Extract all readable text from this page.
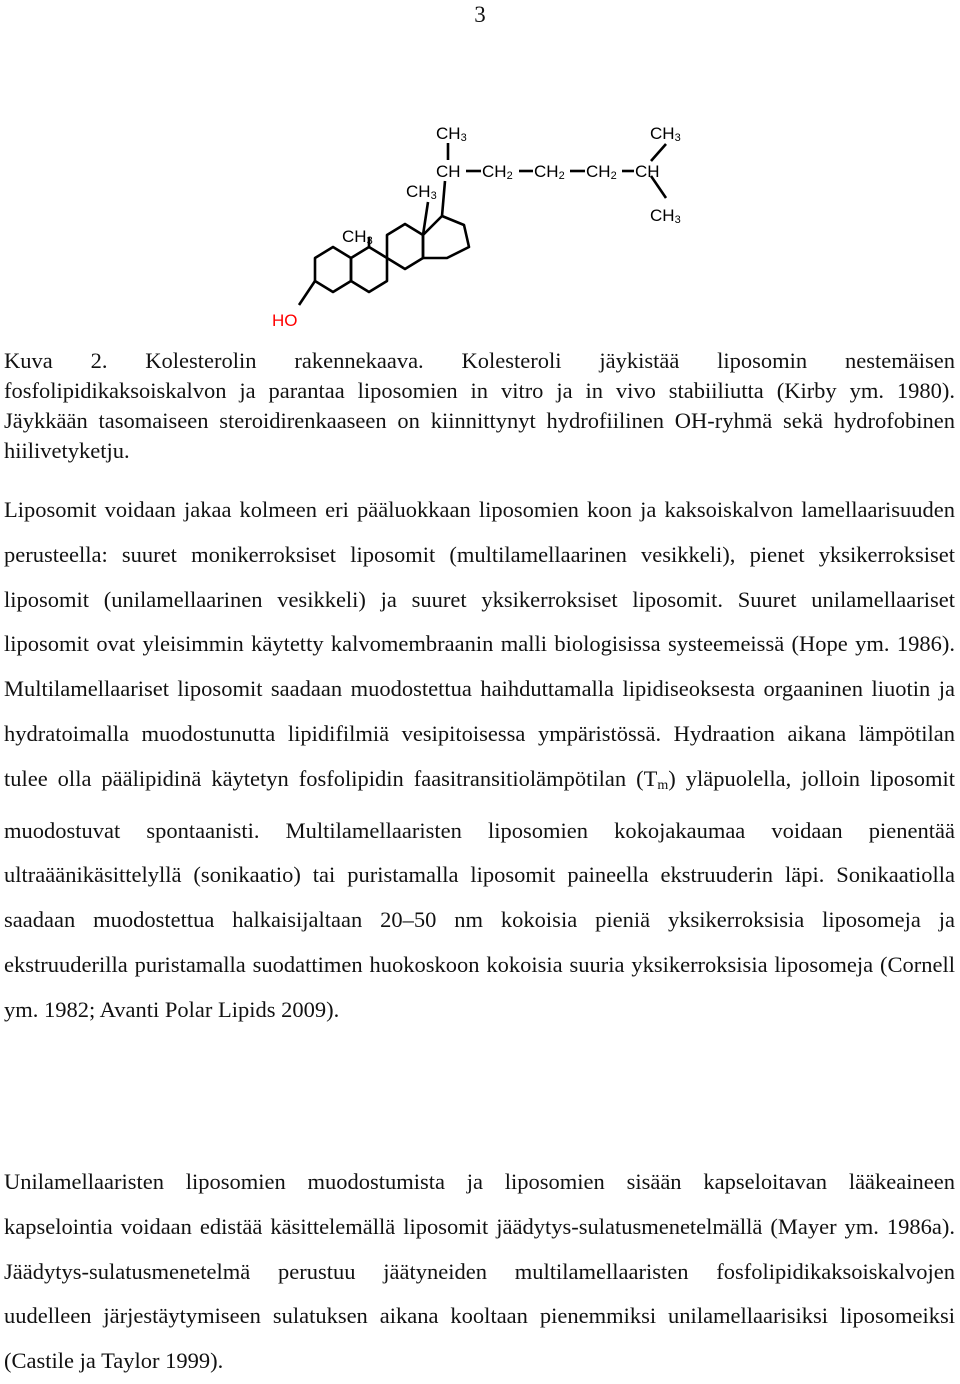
3
HO
CH3
CH3
CH3
CH CH2 CH2 CH2 CH
CH3
CH3
Kuva 2. Kolesterolin rakennekaava. Kolesteroli jäykistää liposomin nestemäisen fosfolipidikaksoiskalvon ja parantaa liposomien in vitro ja in vivo stabiiliutta (Kirby ym. 1980). Jäykkään tasomaiseen steroidirenkaaseen on kiinnittynyt hydrofiilinen OH-ryhmä sekä hydrofobinen hiilivetyketju.
Liposomit voidaan jakaa kolmeen eri pääluokkaan liposomien koon ja kaksoiskalvon lamellaarisuuden perusteella: suuret monikerroksiset liposomit (multilamellaarinen vesikkeli), pienet yksikerroksiset liposomit (unilamellaarinen vesikkeli) ja suuret yksikerroksiset liposomit. Suuret unilamellaariset liposomit ovat yleisimmin käytetty kalvomembraanin malli biologisissa systeemeissä (Hope ym. 1986). Multilamellaariset liposomit saadaan muodostettua haihduttamalla lipidiseoksesta orgaaninen liuotin ja hydratoimalla muodostunutta lipidifilmiä vesipitoisessa ympäristössä. Hydraation aikana lämpötilan tulee olla päälipidinä käytetyn fosfolipidin faasitransitiolämpötilan $(T_m)$ yläpuolella, jolloin liposomit muodostuvat spontaanisti. Multilamellaaristen liposomien kokojakaumaa voidaan pienentää ultraäänikäsittelyllä (sonikaatio) tai puristamalla liposomit paineella ekstruuderin läpi. Sonikaatiolla saadaan muodostettua halkaisijaltaan 20–50 nm kokoisia pieniä yksikerroksisia liposomeja ja ekstruuderilla puristamalla suodattimen huokoskoon kokoisia suuria yksikerroksisia liposomeja (Cornell ym. 1982; Avanti Polar Lipids 2009).
Unilamellaaristen liposomien muodostumista ja liposomien sisään kapseloitavan lääkeaineen kapselointia voidaan edistää käsittelemällä liposomit jäädytys-sulatusmenetelmällä (Mayer ym. 1986a). Jäädytys-sulatusmenetelmä perustuu jäätyneiden multilamellaaristen fosfolipidikaksoiskalvojen uudelleen järjestäytymiseen sulatuksen aikana kooltaan pienemmiksi unilamellaarisiksi liposomeiksi (Castile ja Taylor 1999).
